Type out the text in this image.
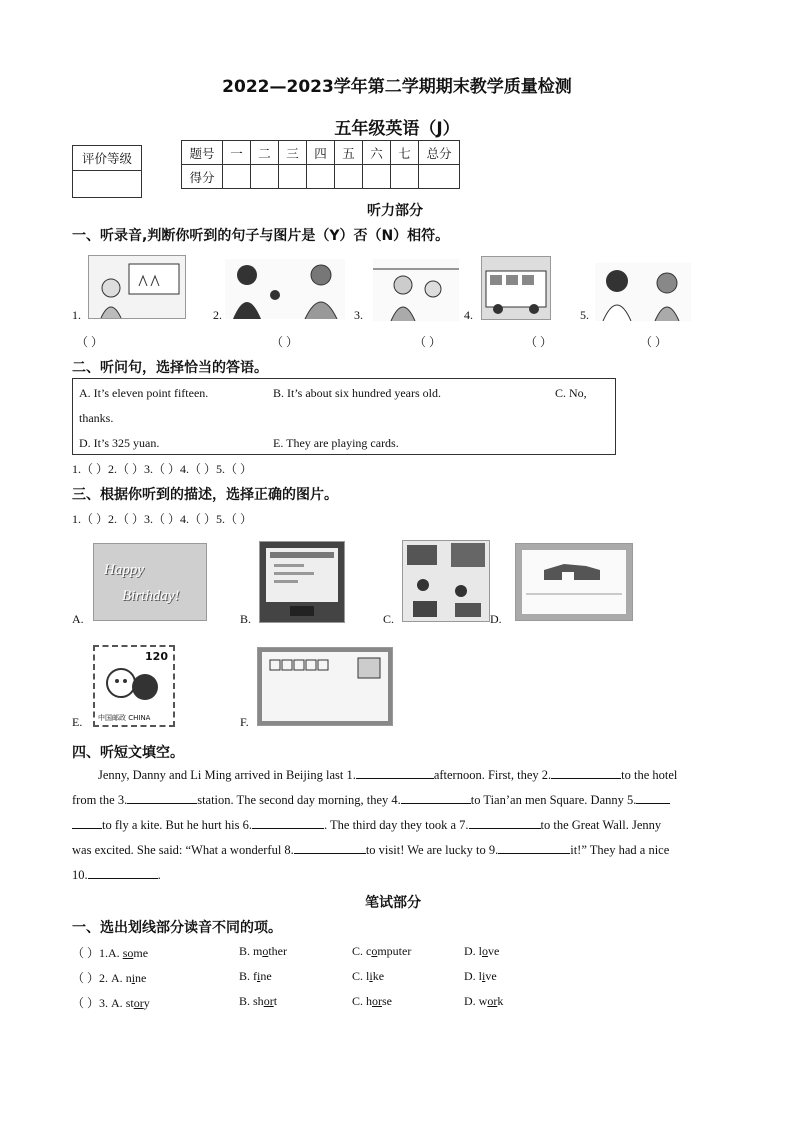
2022—2023学年第二学期期末教学质量检测
五年级英语（J）
评价等级	题号	一	二	三	四	五	六	七	总分
得分								
听力部分
一、听录音,判断你听到的句子与图片是（Y）否（N）相符。
1.	2.	3.	4.	5.
（ ）	（ ）	（ ）	（ ）	（ ）
二、听问句，选择恰当的答语。
A. It’s eleven point fifteen.	B. It’s about six hundred years old.	C. No,
thanks.
D. It’s 325 yuan.	E. They are playing cards.
1.（ ）2.（ ）3.（ ）4.（ ）5.（ ）
三、根据你听到的描述，选择正确的图片。
1.（ ）2.（ ）3.（ ）4.（ ）5.（ ）
A.
Happy
Birthday!
B.	C.	D.
E.
120
中国邮政 CHINA	F.
四、听短文填空。
Jenny, Danny and Li Ming arrived in Beijing last 1.	afternoon. First, they 2.	to the hotel
from the 3.	station. The second day morning, they 4.	to Tian’an men Square. Danny 5.
to fly a kite. But he hurt his 6.	. The third day they took a 7.	to the Great Wall. Jenny
was excited. She said: “What a wonderful 8.	to visit! We are lucky to 9.	it!” They had a nice
10.	.
笔试部分
一、选出划线部分读音不同的项。
（ ）1.A. some	B. mother	C. computer	D. love
（ ）2. A. nine	B. fine	C. like	D. live
（ ）3. A. story	B. short	C. horse	D. work
